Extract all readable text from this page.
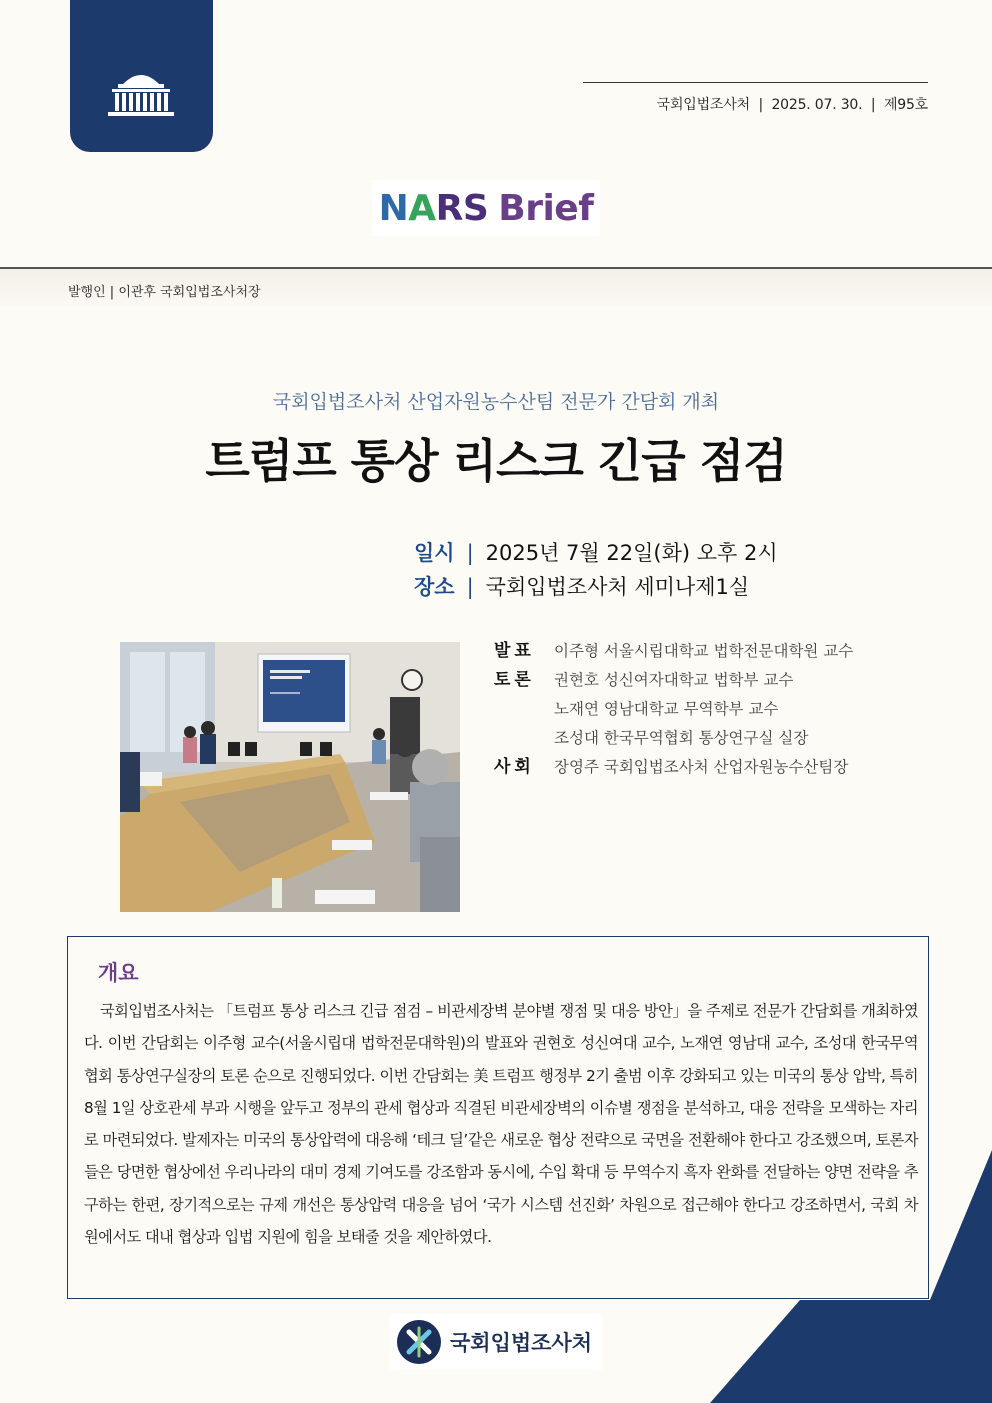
국회입법조사처  |  2025. 07. 30.  |  제95호
N A RS Brief
발행인 | 이관후 국회입법조사처장
국회입법조사처 산업자원농수산팀 전문가 간담회 개최
트럼프 통상 리스크 긴급 점검
일시 | 2025년 7월 22일(화) 오후 2시
장소 | 국회입법조사처 세미나제1실
발표	이주형 서울시립대학교 법학전문대학원 교수
토론	권현호 성신여자대학교 법학부 교수
노재연 영남대학교 무역학부 교수
조성대 한국무역협회 통상연구실 실장
사회	장영주 국회입법조사처 산업자원농수산팀장
개요
국회입법조사처는 「트럼프 통상 리스크 긴급 점검 – 비관세장벽 분야별 쟁점 및 대응 방안」을 주제로 전문가 간담회를 개최하였다. 이번 간담회는 이주형 교수(서울시립대 법학전문대학원)의 발표와 권현호 성신여대 교수, 노재연 영남대 교수, 조성대 한국무역협회 통상연구실장의 토론 순으로 진행되었다. 이번 간담회는 美 트럼프 행정부 2기 출범 이후 강화되고 있는 미국의 통상 압박, 특히 8월 1일 상호관세 부과 시행을 앞두고 정부의 관세 협상과 직결된 비관세장벽의 이슈별 쟁점을 분석하고, 대응 전략을 모색하는 자리로 마련되었다. 발제자는 미국의 통상압력에 대응해 ‘테크 딜’같은 새로운 협상 전략으로 국면을 전환해야 한다고 강조했으며, 토론자들은 당면한 협상에선 우리나라의 대미 경제 기여도를 강조함과 동시에, 수입 확대 등 무역수지 흑자 완화를 전달하는 양면 전략을 추구하는 한편, 장기적으로는 규제 개선은 통상압력 대응을 넘어 ‘국가 시스템 선진화’ 차원으로 접근해야 한다고 강조하면서, 국회 차원에서도 대내 협상과 입법 지원에 힘을 보태줄 것을 제안하였다.
국회입법조사처
